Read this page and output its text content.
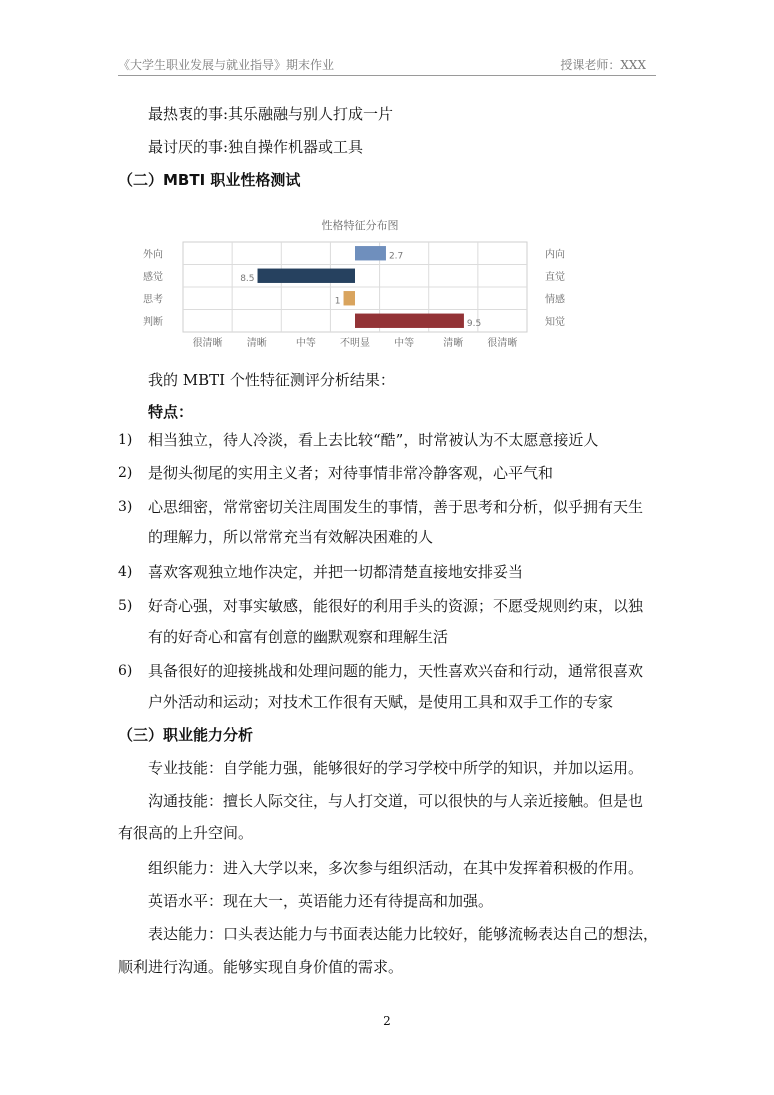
《大学生职业发展与就业指导》期末作业	授课老师：XXX
最热衷的事:其乐融融与别人打成一片
最讨厌的事:独自操作机器或工具
（二）MBTI 职业性格测试
性格特征分布图
2.7
外向	内向
8.5
感觉	直觉
1
思考	情感
9.5
判断	知觉
很清晰 清晰	中等 不明显 中等	清晰 很清晰
我的 MBTI 个性特征测评分析结果：
特点：
1) 相当独立，待人冷淡，看上去比较“酷”，时常被认为不太愿意接近人
2) 是彻头彻尾的实用主义者；对待事情非常冷静客观，心平气和
3) 心思细密，常常密切关注周围发生的事情，善于思考和分析，似乎拥有天生
的理解力，所以常常充当有效解决困难的人
4) 喜欢客观独立地作决定，并把一切都清楚直接地安排妥当
5) 好奇心强，对事实敏感，能很好的利用手头的资源；不愿受规则约束，以独
有的好奇心和富有创意的幽默观察和理解生活
6) 具备很好的迎接挑战和处理问题的能力，天性喜欢兴奋和行动，通常很喜欢
户外活动和运动；对技术工作很有天赋，是使用工具和双手工作的专家
（三）职业能力分析
专业技能：自学能力强，能够很好的学习学校中所学的知识，并加以运用。
沟通技能：擅长人际交往，与人打交道，可以很快的与人亲近接触。但是也
有很高的上升空间。
组织能力：进入大学以来，多次参与组织活动，在其中发挥着积极的作用。
英语水平：现在大一，英语能力还有待提高和加强。
表达能力：口头表达能力与书面表达能力比较好，能够流畅表达自己的想法，
顺利进行沟通。能够实现自身价值的需求。
2
